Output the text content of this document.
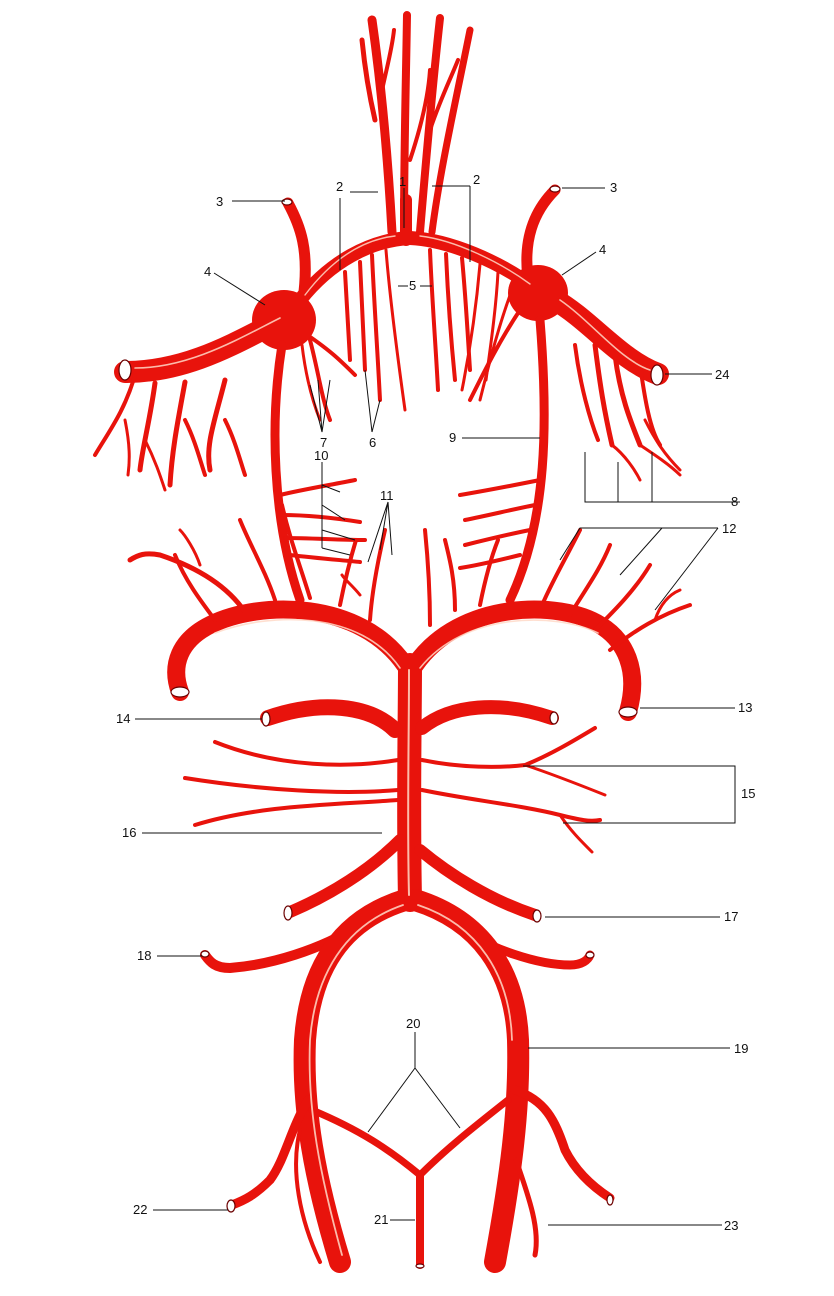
1
2	2
3
3
4
4
5
6
7
8
9
10
11
12
13
14
15
16
17
18
19
20
21
22
23
24
